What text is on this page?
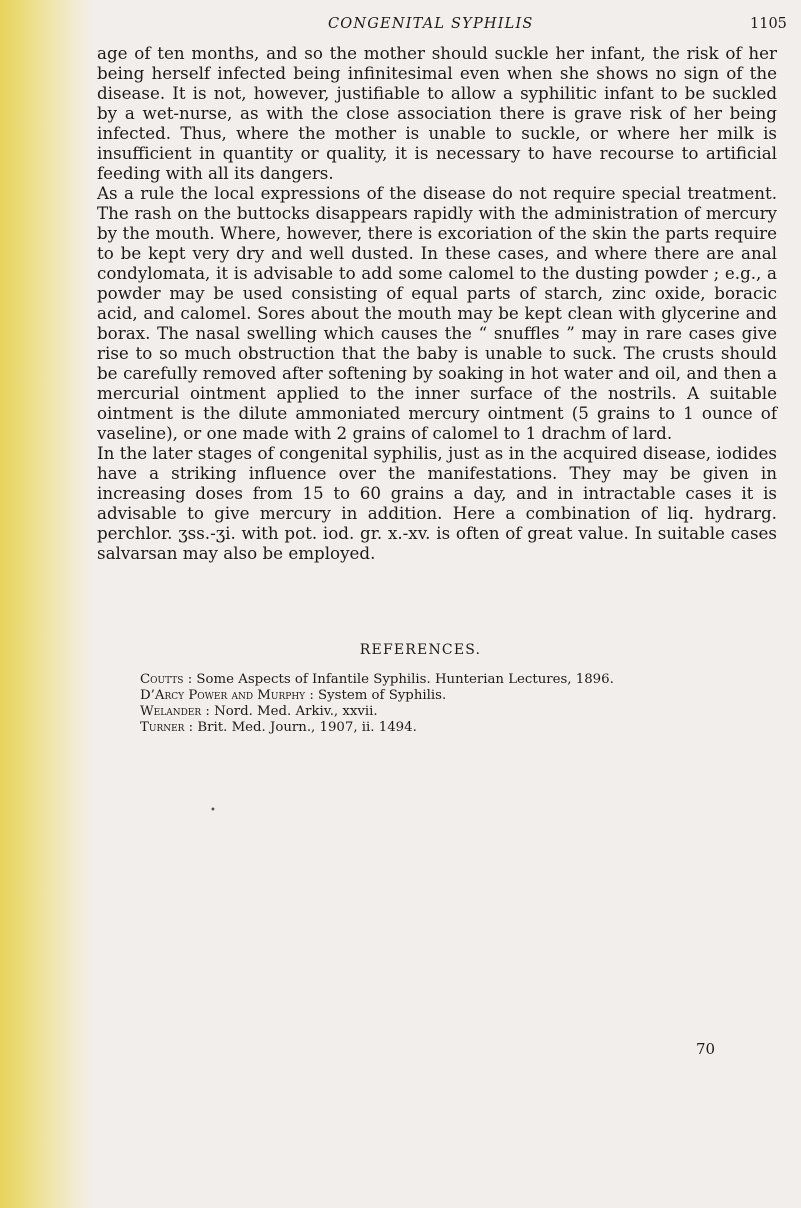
CONGENITAL SYPHILIS	1105

age of ten months, and so the mother should suckle her infant, the risk of her being herself infected being infinitesimal even when she shows no sign of the disease. It is not, however, justifiable to allow a syphilitic infant to be suckled by a wet-nurse, as with the close association there is grave risk of her being infected. Thus, where the mother is unable to suckle, or where her milk is insufficient in quantity or quality, it is necessary to have recourse to artificial feeding with all its dangers.

As a rule the local expressions of the disease do not require special treatment. The rash on the buttocks disappears rapidly with the administration of mercury by the mouth. Where, however, there is excoriation of the skin the parts require to be kept very dry and well dusted. In these cases, and where there are anal condylomata, it is advisable to add some calomel to the dusting powder ; e.g., a powder may be used consisting of equal parts of starch, zinc oxide, boracic acid, and calomel. Sores about the mouth may be kept clean with glycerine and borax. The nasal swelling which causes the “ snuffles ” may in rare cases give rise to so much obstruction that the baby is unable to suck. The crusts should be carefully removed after softening by soaking in hot water and oil, and then a mercurial ointment applied to the inner surface of the nostrils. A suitable ointment is the dilute ammoniated mercury ointment (5 grains to 1 ounce of vaseline), or one made with 2 grains of calomel to 1 drachm of lard.

In the later stages of congenital syphilis, just as in the acquired disease, iodides have a striking influence over the manifestations. They may be given in increasing doses from 15 to 60 grains a day, and in intractable cases it is advisable to give mercury in addition. Here a combination of liq. hydrarg. perchlor. ʒss.-ʒi. with pot. iod. gr. x.-xv. is often of great value. In suitable cases salvarsan may also be employed.

REFERENCES.
Coutts : Some Aspects of Infantile Syphilis. Hunterian Lectures, 1896.
D’Arcy Power and Murphy : System of Syphilis.
Welander : Nord. Med. Arkiv., xxvii.
Turner : Brit. Med. Journ., 1907, ii. 1494.
•
70
